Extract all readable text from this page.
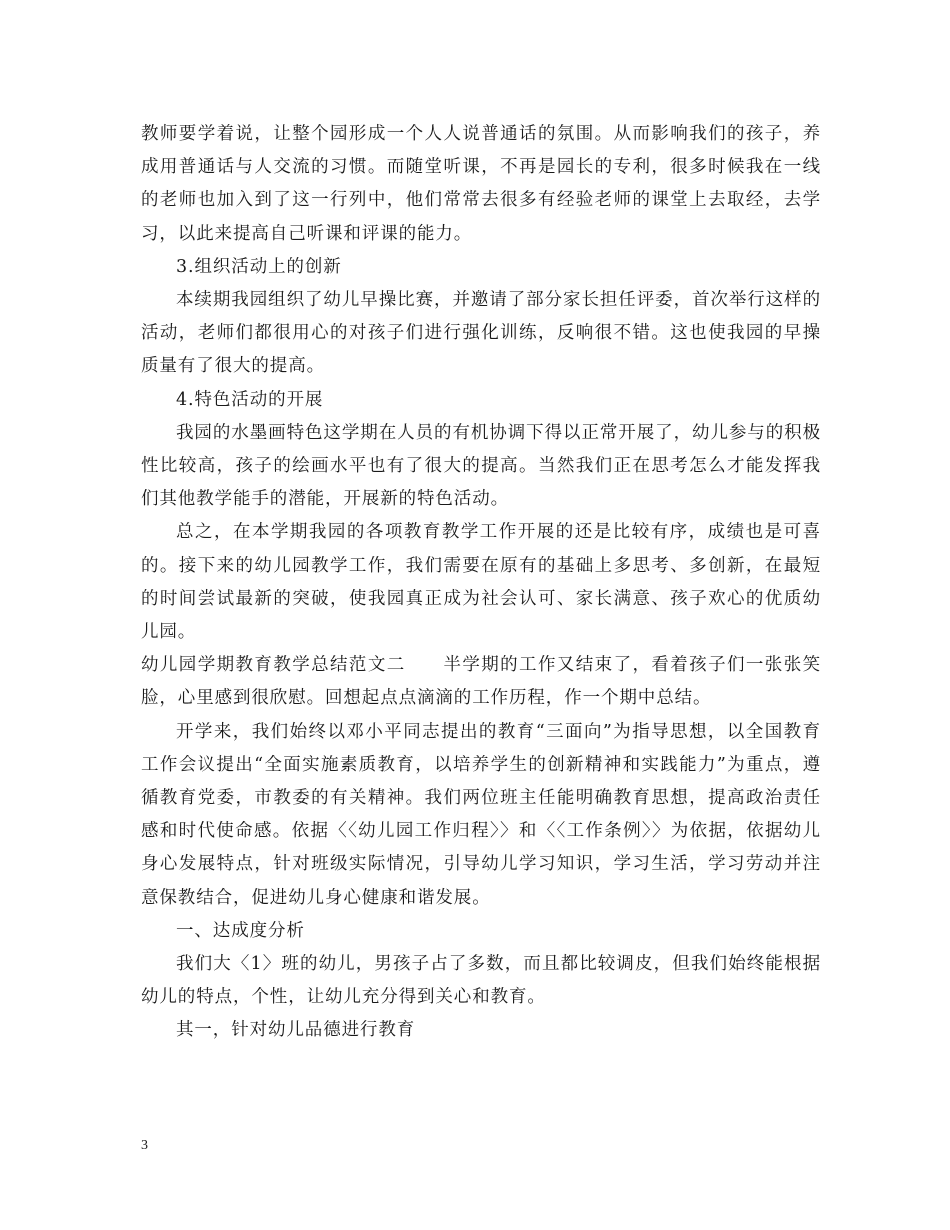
教师要学着说，让整个园形成一个人人说普通话的氛围。从而影响我们的孩子，养成用普通话与人交流的习惯。而随堂听课，不再是园长的专利，很多时候我在一线的老师也加入到了这一行列中，他们常常去很多有经验老师的课堂上去取经，去学习，以此来提高自己听课和评课的能力。

3.组织活动上的创新

本续期我园组织了幼儿早操比赛，并邀请了部分家长担任评委，首次举行这样的活动，老师们都很用心的对孩子们进行强化训练，反响很不错。这也使我园的早操质量有了很大的提高。

4.特色活动的开展

我园的水墨画特色这学期在人员的有机协调下得以正常开展了，幼儿参与的积极性比较高，孩子的绘画水平也有了很大的提高。当然我们正在思考怎么才能发挥我们其他教学能手的潜能，开展新的特色活动。

总之，在本学期我园的各项教育教学工作开展的还是比较有序，成绩也是可喜的。接下来的幼儿园教学工作，我们需要在原有的基础上多思考、多创新，在最短的时间尝试最新的突破，使我园真正成为社会认可、家长满意、孩子欢心的优质幼儿园。

幼儿园学期教育教学总结范文二　　半学期的工作又结束了，看着孩子们一张张笑脸，心里感到很欣慰。回想起点点滴滴的工作历程，作一个期中总结。

开学来，我们始终以邓小平同志提出的教育“三面向”为指导思想，以全国教育工作会议提出“全面实施素质教育，以培养学生的创新精神和实践能力”为重点，遵循教育党委，市教委的有关精神。我们两位班主任能明确教育思想，提高政治责任感和时代使命感。依据〈〈幼儿园工作归程〉〉和〈〈工作条例〉〉为依据，依据幼儿身心发展特点，针对班级实际情况，引导幼儿学习知识，学习生活，学习劳动并注意保教结合，促进幼儿身心健康和谐发展。

一、达成度分析

我们大〈1〉班的幼儿，男孩子占了多数，而且都比较调皮，但我们始终能根据幼儿的特点，个性，让幼儿充分得到关心和教育。

其一，针对幼儿品德进行教育

3
